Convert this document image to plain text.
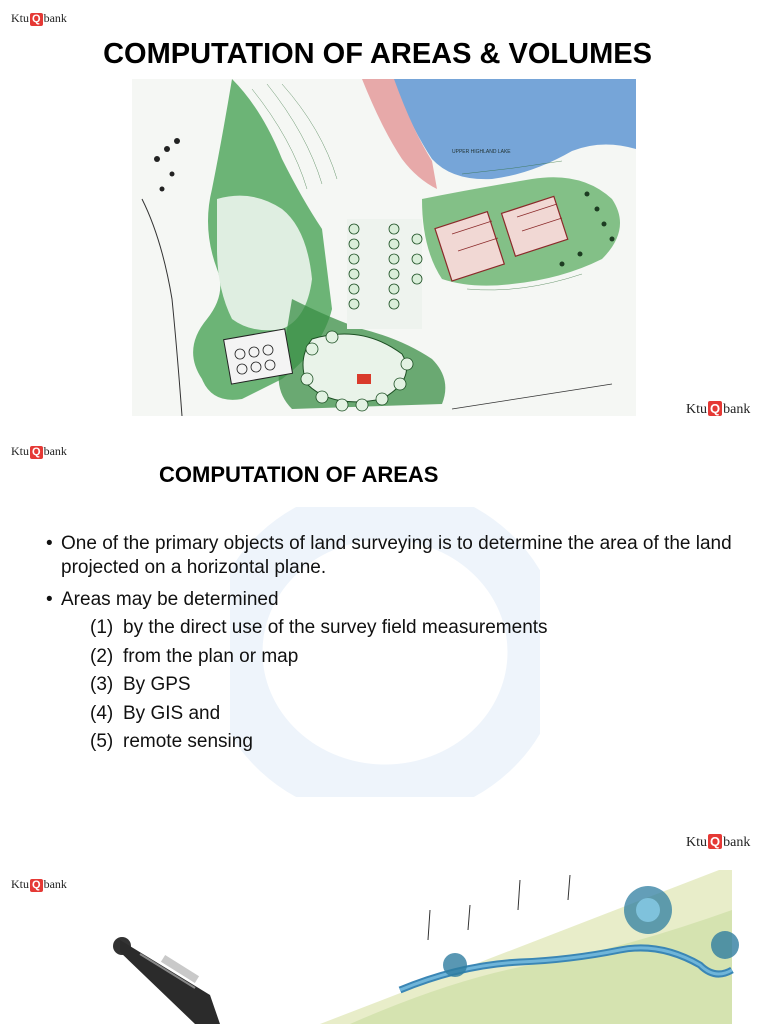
Ktu Q bank
COMPUTATION OF AREAS & VOLUMES
UPPER HIGHLAND LAKE
Ktu Q bank
Ktu Q bank
COMPUTATION OF AREAS
• One of the primary objects of land surveying is to determine the area of the land projected on a horizontal plane.
• Areas may be determined
(1) by the direct use of the survey field measurements
(2) from the plan or map
(3) By GPS
(4) By GIS and
(5) remote sensing
Ktu Q bank
Ktu Q bank
